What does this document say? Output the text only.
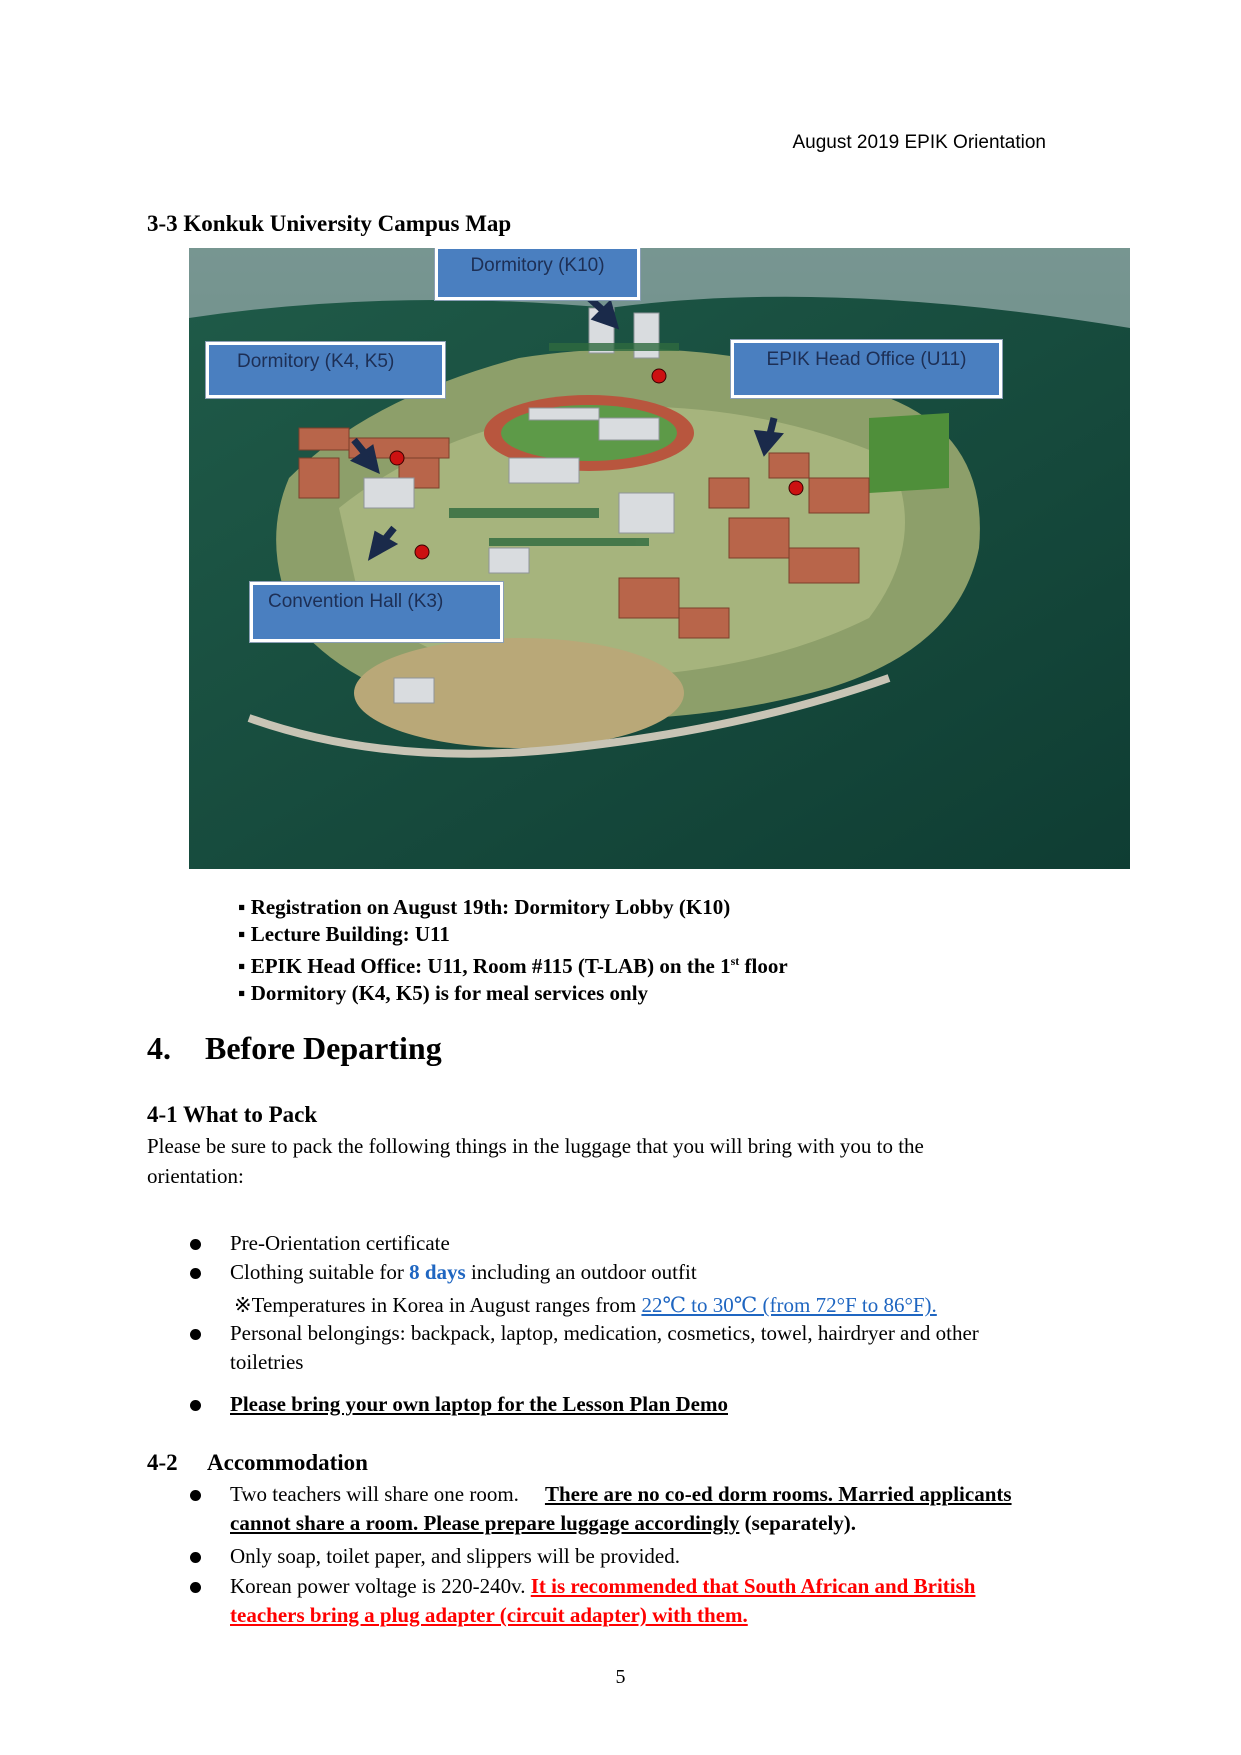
August 2019 EPIK Orientation
3-3 Konkuk University Campus Map
Dormitory (K10)
Dormitory (K4, K5)	EPIK Head Office (U11)
Convention Hall (K3)
▪ Registration on August 19th: Dormitory Lobby (K10)
▪ Lecture Building: U11
▪ EPIK Head Office: U11, Room #115 (T-LAB) on the 1st floor
▪ Dormitory (K4, K5) is for meal services only
4. Before Departing
4-1 What to Pack
Please be sure to pack the following things in the luggage that you will bring with you to the
orientation:
Pre-Orientation certificate
Clothing suitable for 8 days including an outdoor outfit
※Temperatures in Korea in August ranges from 22℃ to 30℃ (from 72°F to 86°F).
Personal belongings: backpack, laptop, medication, cosmetics, towel, hairdryer and other
toiletries
Please bring your own laptop for the Lesson Plan Demo
4-2 Accommodation
Two teachers will share one room. There are no co-ed dorm rooms. Married applicants
cannot share a room. Please prepare luggage accordingly (separately).
Only soap, toilet paper, and slippers will be provided.
Korean power voltage is 220-240v. It is recommended that South African and British
teachers bring a plug adapter (circuit adapter) with them.
5
